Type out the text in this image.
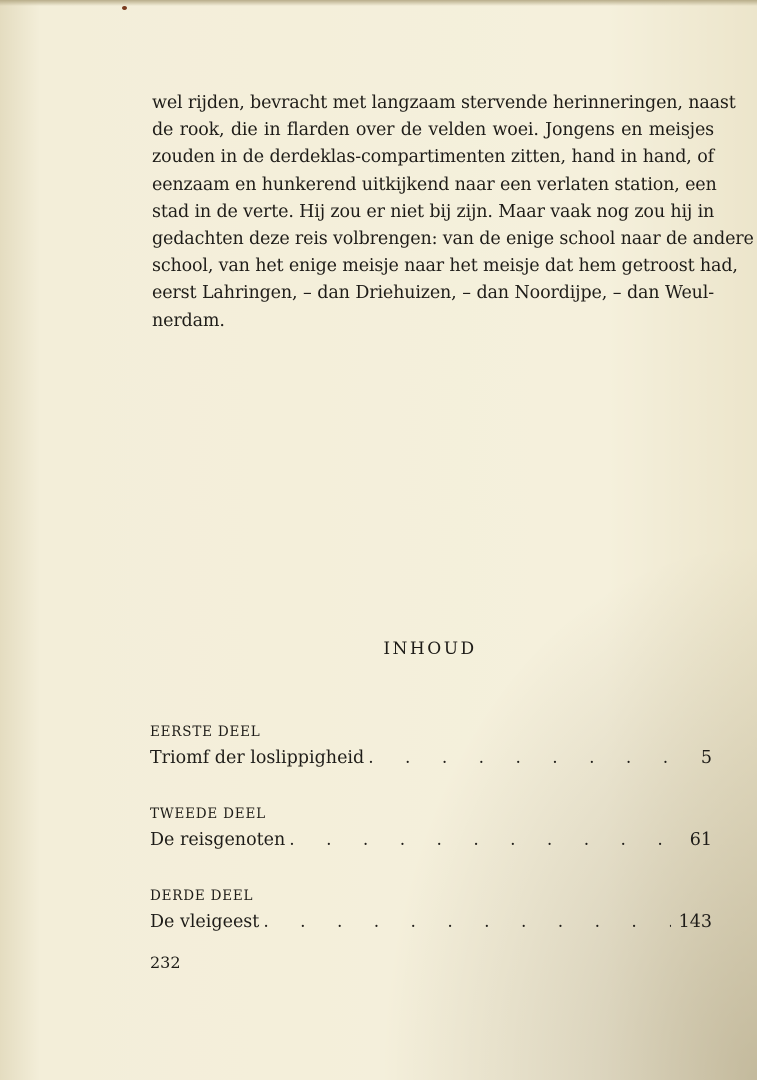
wel rijden, bevracht met langzaam stervende herinneringen, naast
de rook, die in flarden over de velden woei. Jongens en meisjes
zouden in de derdeklas-compartimenten zitten, hand in hand, of
eenzaam en hunkerend uitkijkend naar een verlaten station, een
stad in de verte. Hij zou er niet bij zijn. Maar vaak nog zou hij in
gedachten deze reis volbrengen: van de enige school naar de andere
school, van het enige meisje naar het meisje dat hem getroost had,
eerst Lahringen, – dan Driehuizen, – dan Noordijpe, – dan Weul-
nerdam.
INHOUD
EERSTE DEEL
Triomf der loslippigheid . . .	5
TWEEDE DEEL
De reisgenoten . . .	61
DERDE DEEL
De vleigeest . . .	143
232
